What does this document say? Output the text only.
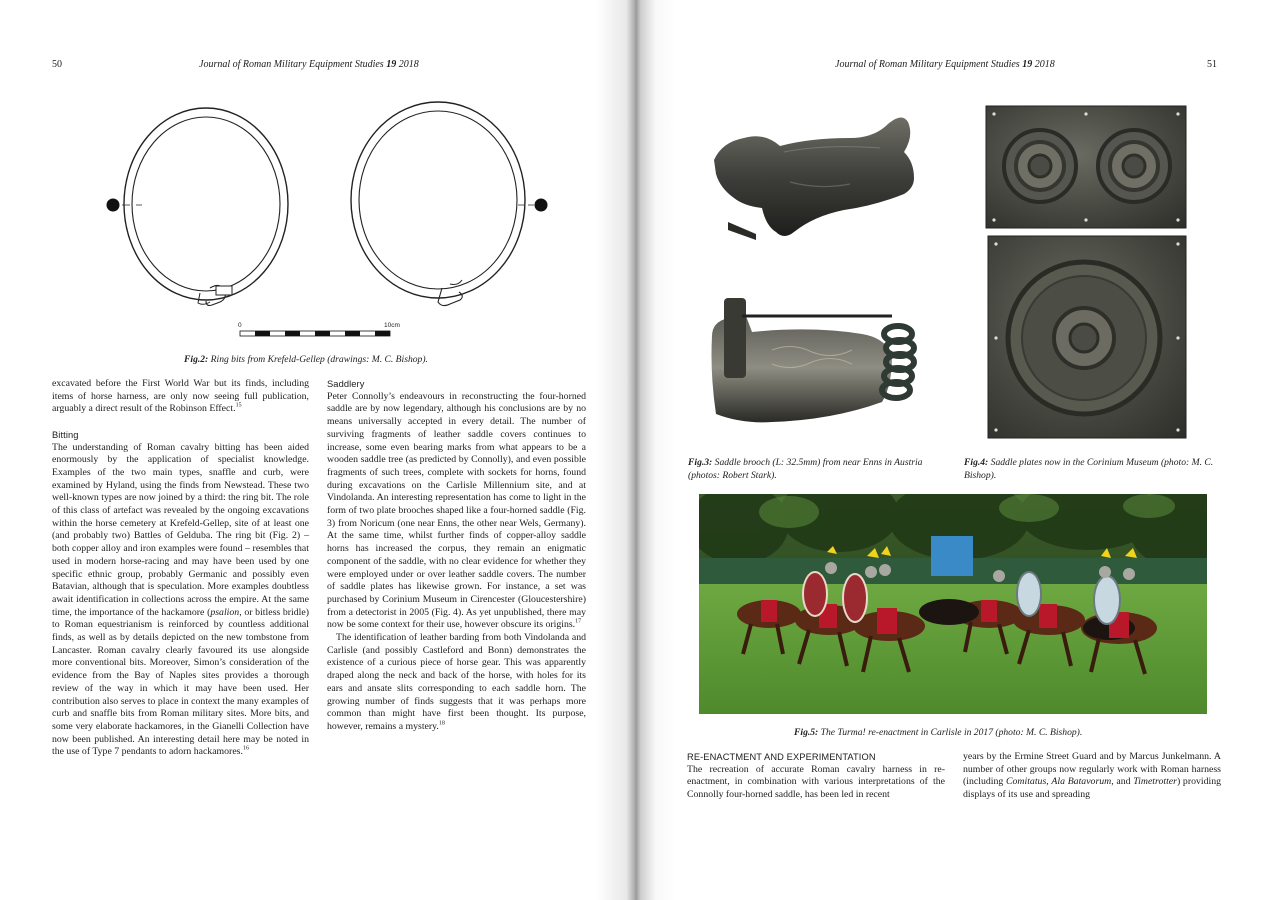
50	Journal of Roman Military Equipment Studies 19 2018
0	10cm
Fig.2: Ring bits from Krefeld-Gellep (drawings: M. C. Bishop).

excavated before the First World War but its finds, including items of horse harness, are only now seeing full publication, arguably a direct result of the Robinson Effect.$^{15}$

Bitting

The understanding of Roman cavalry bitting has been aided enormously by the application of specialist knowledge. Examples of the two main types, snaffle and curb, were examined by Hyland, using the finds from Newstead. These two well-known types are now joined by a third: the ring bit. The role of this class of artefact was revealed by the ongoing excavations within the horse cemetery at Krefeld-Gellep, site of at least one (and probably two) Battles of Gelduba. The ring bit (Fig. 2) – both copper alloy and iron examples were found – resembles that used in modern horse-racing and may have been used by one specific ethnic group, probably Germanic and possibly even Batavian, although that is speculation. More examples doubtless await identification in collections across the empire. At the same time, the importance of the hackamore (psalion, or bitless bridle) to Roman equestrianism is reinforced by countless additional finds, as well as by details depicted on the new tombstone from Lancaster. Roman cavalry clearly favoured its use alongside more conventional bits. Moreover, Simon’s consideration of the evidence from the Bay of Naples sites provides a thorough review of the way in which it may have been used. Her contribution also serves to place in context the many examples of curb and snaffle bits from Roman military sites. More bits, and some very elaborate hackamores, in the Gianelli Collection have now been published. An interesting detail here may be noted in the use of Type 7 pendants to adorn hackamores.$^{16}$

Saddlery

Peter Connolly’s endeavours in reconstructing the four-horned saddle are by now legendary, although his conclusions are by no means universally accepted in every detail. The number of surviving fragments of leather saddle covers continues to increase, some even bearing marks from what appears to be a wooden saddle tree (as predicted by Connolly), and even possible fragments of such trees, complete with sockets for horns, found during excavations on the Carlisle Millennium site, and at Vindolanda. An interesting representation has come to light in the form of two plate brooches shaped like a four-horned saddle (Fig. 3) from Noricum (one near Enns, the other near Wels, Germany). At the same time, whilst further finds of copper-alloy saddle horns has increased the corpus, they remain an enigmatic component of the saddle, with no clear evidence for whether they were employed under or over leather saddle covers. The number of saddle plates has likewise grown. For instance, a set was purchased by Corinium Museum in Cirencester (Gloucestershire) from a detectorist in 2005 (Fig. 4). As yet unpublished, there may now be some context for their use, however obscure its origins.$^{17}$

The identification of leather barding from both Vindolanda and Carlisle (and possibly Castleford and Bonn) demonstrates the existence of a curious piece of horse gear. This was apparently draped along the neck and back of the horse, with holes for its ears and ansate slits corresponding to each saddle horn. The growing number of finds suggests that it was perhaps more common than might have first been thought. Its purpose, however, remains a mystery.$^{18}$

Journal of Roman Military Equipment Studies 19 2018	51
Fig.3: Saddle brooch (L: 32.5mm) from near Enns in Austria (photos: Robert Stark).
Fig.4: Saddle plates now in the Corinium Museum (photo: M. C. Bishop).
Fig.5: The Turma! re-enactment in Carlisle in 2017 (photo: M. C. Bishop).
RE-ENACTMENT AND EXPERIMENTATION

The recreation of accurate Roman cavalry harness in re-enactment, in combination with various interpretations of the Connolly four-horned saddle, has been led in recent

years by the Ermine Street Guard and by Marcus Junkelmann. A number of other groups now regularly work with Roman harness (including Comitatus, Ala Batavorum, and Timetrotter) providing displays of its use and spreading
